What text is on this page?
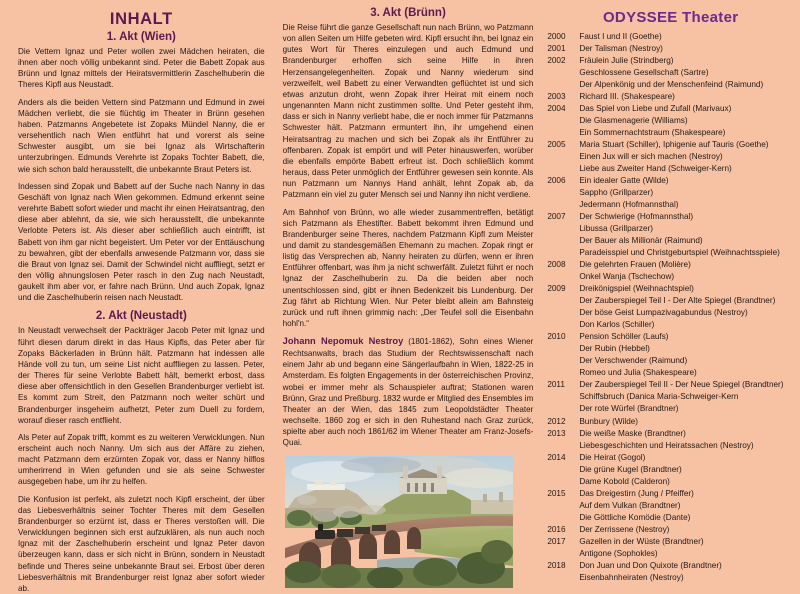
INHALT
1. Akt (Wien)

Die Vettern Ignaz und Peter wollen zwei Mädchen heiraten, die ihnen aber noch völlig unbekannt sind. Peter die Babett Zopak aus Brünn und Ignaz mittels der Heiratsvermittlerin Zaschelhuberin die Theres Kipfl aus Neustadt.

Anders als die beiden Vettern sind Patzmann und Edmund in zwei Mädchen verliebt, die sie flüchtig im Theater in Brünn gesehen haben. Patzmanns Angebetete ist Zopaks Mündel Nanny, die er versehentlich nach Wien entführt hat und vorerst als seine Schwester ausgibt, um sie bei Ignaz als Wirtschafterin unterzubringen. Edmunds Verehrte ist Zopaks Tochter Babett, die, wie sich schon bald herausstellt, die unbekannte Braut Peters ist.

Indessen sind Zopak und Babett auf der Suche nach Nanny in das Geschäft von Ignaz nach Wien gekommen. Edmund erkennt seine verehrte Babett sofort wieder und macht ihr einen Heiratsantrag, den diese aber ablehnt, da sie, wie sich herausstellt, die unbekannte Verlobte Peters ist. Als dieser aber schließlich auch eintrifft, ist Babett von ihm gar nicht begeistert. Um Peter vor der Enttäuschung zu bewahren, gibt der ebenfalls anwesende Patzmann vor, dass sie die Braut von Ignaz sei. Damit der Schwindel nicht auffliegt, setzt er den völlig ahnungslosen Peter rasch in den Zug nach Neustadt, gaukelt ihm aber vor, er fahre nach Brünn. Und auch Zopak, Ignaz und die Zaschelhuberin reisen nach Neustadt.

2. Akt (Neustadt)

In Neustadt verwechselt der Packträger Jacob Peter mit Ignaz und führt diesen darum direkt in das Haus Kipfls, das Peter aber für Zopaks Bäckerladen in Brünn hält. Patzmann hat indessen alle Hände voll zu tun, um seine List nicht auffliegen zu lassen. Peter, der Theres für seine Verlobte Babett hält, bemerkt erbost, dass diese aber offensichtlich in den Gesellen Brandenburger verliebt ist. Es kommt zum Streit, den Patzmann noch weiter schürt und Brandenburger insgeheim aufhetzt, Peter zum Duell zu fordern, worauf dieser rasch entflieht.

Als Peter auf Zopak trifft, kommt es zu weiteren Verwicklungen. Nun erscheint auch noch Nanny. Um sich aus der Affäre zu ziehen, macht Patzmann dem erzürnten Zopak vor, dass er Nanny hilflos umherirrend in Wien gefunden und sie als seine Schwester ausgegeben habe, um ihr zu helfen.

Die Konfusion ist perfekt, als zuletzt noch Kipfl erscheint, der über das Liebesverhältnis seiner Tochter Theres mit dem Gesellen Brandenburger so erzürnt ist, dass er Theres verstoßen will. Die Verwicklungen beginnen sich erst aufzuklären, als nun auch noch Ignaz mit der Zaschelhuberin erscheint und Ignaz Peter davon überzeugen kann, dass er sich nicht in Brünn, sondern in Neustadt befinde und Theres seine unbekannte Braut sei. Erbost über deren Liebesverhältnis mit Brandenburger reist Ignaz aber sofort wieder ab.

3. Akt (Brünn)

Die Reise führt die ganze Gesellschaft nun nach Brünn, wo Patzmann von allen Seiten um Hilfe gebeten wird. Kipfl ersucht ihn, bei Ignaz ein gutes Wort für Theres einzulegen und auch Edmund und Brandenburger erhoffen sich seine Hilfe in ihren Herzensangelegenheiten. Zopak und Nanny wiederum sind verzweifelt, weil Babett zu einer Verwandten geflüchtet ist und sich etwas anzutun droht, wenn Zopak ihrer Heirat mit einem noch ungenannten Mann nicht zustimmen sollte. Und Peter gesteht ihm, dass er sich in Nanny verliebt habe, die er noch immer für Patzmanns Schwester hält. Patzmann ermuntert ihn, ihr umgehend einen Heiratsantrag zu machen und sich bei Zopak als ihr Entführer zu offenbaren. Zopak ist empört und will Peter hinauswerfen, worüber die ebenfalls empörte Babett erfreut ist. Doch schließlich kommt heraus, dass Peter unmöglich der Entführer gewesen sein konnte. Als nun Patzmann um Nannys Hand anhält, lehnt Zopak ab, da Patzmann ein viel zu guter Mensch sei und Nanny ihn nicht verdiene.

Am Bahnhof von Brünn, wo alle wieder zusammentreffen, betätigt sich Patzmann als Ehestifter. Babett bekommt ihren Edmund und Brandenburger seine Theres, nachdem Patzmann Kipfl zum Meister und damit zu standesgemäßen Ehemann zu machen. Zopak ringt er listig das Versprechen ab, Nanny heiraten zu dürfen, wenn er ihren Entführer offenbart, was ihm ja nicht schwerfällt. Zuletzt führt er noch Ignaz der Zaschelhuberin zu. Da die beiden aber noch unentschlossen sind, gibt er ihnen Bedenkzeit bis Lundenburg. Der Zug fährt ab Richtung Wien. Nur Peter bleibt allein am Bahnsteig zurück und ruft ihnen grimmig nach: „Der Teufel soll die Eisenbahn hohl'n.“

Johann Nepomuk Nestroy (1801-1862), Sohn eines Wiener Rechtsanwalts, brach das Studium der Rechtswissenschaft nach einem Jahr ab und begann eine Sängerlaufbahn in Wien, 1822-25 in Amsterdam. Es folgten Engagements in der österreichischen Provinz, wobei er immer mehr als Schauspieler auftrat; Stationen waren Brünn, Graz und Preßburg. 1832 wurde er Mitglied des Ensembles im Theater an der Wien, das 1845 zum Leopoldstädter Theater wechselte. 1860 zog er sich in den Ruhestand nach Graz zurück, spielte aber auch noch 1861/62 im Wiener Theater am Franz-Josefs-Quai.

ODYSSEE Theater
2000	Faust I und II (Goethe)
2001	Der Talisman (Nestroy)
2002	Fräulein Julie (Strindberg)
Geschlossene Gesellschaft (Sartre)
Der Alpenkönig und der Menschenfeind (Raimund)
2003	Richard III. (Shakespeare)
2004	Das Spiel von Liebe und Zufall (Marivaux)
Die Glasmenagerie (Williams)
Ein Sommernachtstraum (Shakespeare)
2005	Maria Stuart (Schiller), Iphigenie auf Tauris (Goethe)
Einen Jux will er sich machen (Nestroy)
Liebe aus Zweiter Hand (Schweiger-Kern)
2006	Ein idealer Gatte (Wilde)
Sappho (Grillparzer)
Jedermann (Hofmannsthal)
2007	Der Schwierige (Hofmannsthal)
Libussa (Grillparzer)
Der Bauer als Millionär (Raimund)
Paradeisspiel und Christgeburtspiel (Weihnachtsspiele)
2008	Die gelehrten Frauen (Molière)
Onkel Wanja (Tschechow)
2009	Dreikönigspiel (Weihnachtspiel)
Der Zauberspiegel Teil I - Der Alte Spiegel (Brandtner)
Der böse Geist Lumpazivagabundus (Nestroy)
Don Karlos (Schiller)
2010	Pension Schöller (Laufs)
Der Rubin (Hebbel)
Der Verschwender (Raimund)
Romeo und Julia (Shakespeare)
2011	Der Zauberspiegel Teil II - Der Neue Spiegel (Brandtner)
Schiffsbruch (Danica Maria-Schweiger-Kern
Der rote Würfel (Brandtner)
2012	Bunbury (Wilde)
2013	Die weiße Maske (Brandtner)
Liebesgeschichten und Heiratssachen (Nestroy)
2014	Die Heirat (Gogol)
Die grüne Kugel (Brandtner)
Dame Kobold (Calderon)
2015	Das Dreigestirn (Jung / Pfeiffer)
Auf dem Vulkan (Brandtner)
Die Göttliche Komödie (Dante)
2016	Der Zerrissene (Nestroy)
2017	Gazellen in der Wüste (Brandtner)
Antigone (Sophokles)
2018	Don Juan und Don Quixote (Brandtner)
Eisenbahnheiraten (Nestroy)
